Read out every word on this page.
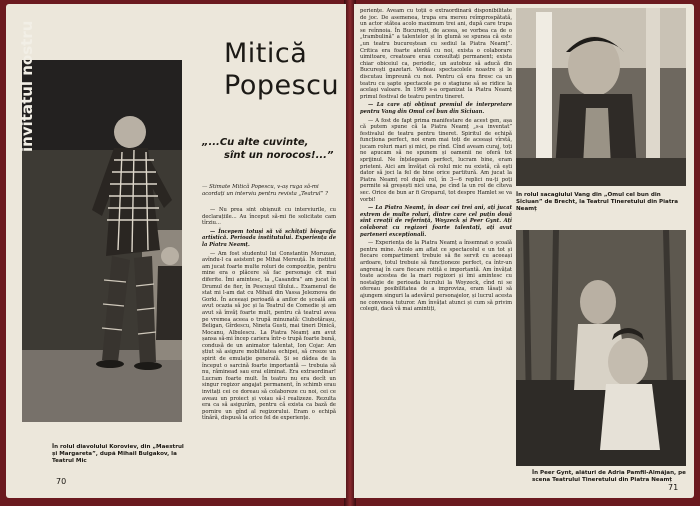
invitatul nostru	Mitică
Popescu
„...Cu alte cuvinte,
sînt un norocos!...”
— Stimate Mitică Popescu, v-aș ruga să-mi acordați un interviu pentru revista „Teatrul” ?

— Nu prea sînt obișnuit cu interviurile, cu declarațiile... Au început să-mi fie solicitate cam tîrziu...

— Începem totuși să vă schițați biografia artistică. Perioada institutului. Experiența de la Piatra Neamț.

— Am fost studentul lui Constantin Moruzan, avîndu-l ca asistent pe Mihai Mereuță. În institut am jucat foarte multe roluri de compoziție, pentru mine era o plăcere să fac personaje cît mai diferite. Îmi amintesc, la „Casandra” am jucat în Drumul de fier, în Pescușul tîlului... Examenul de stat mi l-am dat cu Mihail din Vassa Jeleznova de Gorki. În aceeași perioadă a anilor de școală am avut ocazia să joc și la Teatrul de Comedie și am avut să învăț foarte mult, pentru că teatrul avea pe vremea aceea o trupă minunată: Ciubotărașu, Beligan, Gîrdescu, Nineta Gusti, mai tineri Dinică, Mocanu, Albulescu. La Piatra Neamț am avut șansa să-mi încep cariera într-o trupă foarte bună, condusă de un animator talentat, Ion Cojar. Am știut să asigure mobilitatea echipei, să creeze un spirit de emulație generală. Și se dădea de la început o sarcină foarte importantă — trebuia să nu, răminead sau erai eliminat. Era extraordinar! Lucram foarte mult. În teatru nu era decît un singur regizor angajat permanent, în schimb erau invitați cei ce doreau să colaboreze cu noi, cei ce aveau un proiect și voiau să-l realizeze. Rezulta era ca să asigurăm, pentru că exista ca bază de pornire un gînd al regizorului. Eram o echipă tînără, dispusă la orice fel de experiențe.

În rolul diavolului Koroviev, din „Maestrul și Margareta”, după Mihail Bulgakov, la Teatrul Mic
70

periențe. Aveam cu toții o extraordinară disponibilitate de joc. De asemenea, trupa era mereu reîmprospătată, un actor stătea acolo maximum trei ani, după care trupa se reînnoia. În București, de aceea, se vorbea ca de o „trambulină” a talentelor și în glumă se spunea că este „un teatru bucureștean cu sediul la Piatra Neamț”. Critica era foarte atentă cu noi, exista o colaborare uimitoare, creatoare erau consultați permanent; exista chiar obiceiul ca, periodic, un autobuz să aducă din București gazetari. Vedeau spectacolele noastre și le discutau împreună cu noi. Pentru că era firesc ca un teatru cu șapte spectacole pe o stagiune să se ridice la același valoare. În 1969 s-a organizat la Piatra Neamț primul festival de teatru pentru tineret.

— La care ați obținut premiul de interpretare pentru Vang din Omul cel bun din Sîciuan.

— A fost de fapt prima manifestare de acest gen, așa că putem spune că la Piatra Neamț „s-a inventat” festivalul de teatru pentru tineret. Spiritul de echipă funcționa perfect, noi eram mai toți de aceeași vîrstă, jucam roluri mari și mici, pe rînd. Cînd aveam curaj, toți ne apucam să ne spunem și oamenii ne oferă tot sprijinul. Ne înțelegeam perfect, lucram bine, eram prieteni. Aici am învățat că rolul mic nu există, că ești dator să joci la fel de bine orice partitură. Am jucat la Piatra Neamț rol după rol, în 3—6 replici nu-ți poți permite să greșești nici una, pe cînd la un rol de cîteva sec. Orice de bun ar fi Groparul, tot despre Hamlet se va vorbi!

— La Piatra Neamț, în doar cei trei ani, ați jucat extrem de multe roluri, dintre care cel puțin două sînt creații de referință, Woyzeck și Peer Gynt. Ați colaborat cu regizori foarte talentați, ați avut parteneri excepționali.

— Experiența de la Piatra Neamț a însemnat o școală pentru mine. Acolo am aflat ce spectacolul e un tot și fiecare compartiment trebuie să fie servit cu aceeași ardoare, totul trebuie să funcționeze perfect, ca într-un angrenaj în care fiecare rotiță e importantă. Am învățat toate acestea de la mari regizori și îmi amintesc cu nostalgie de perioada lucrului la Woyzeck, cînd ni se ofereau posibilitatea de a improviza, eram lăsați să ajungem singuri la adevărul personajelor, și lucrul acesta ne convenea tuturor. Am învățat atunci și cum să privim colegii, dacă vă mai amintiți,

În rolul sacagiului Vang din „Omul cel bun din Sîciuan” de Brecht, la Teatrul Tineretului din Piatra Neamț
În Peer Gynt, alături de Adria Pamfil-Almăjan, pe scena Teatrului Tineretului din Piatra Neamț
71
